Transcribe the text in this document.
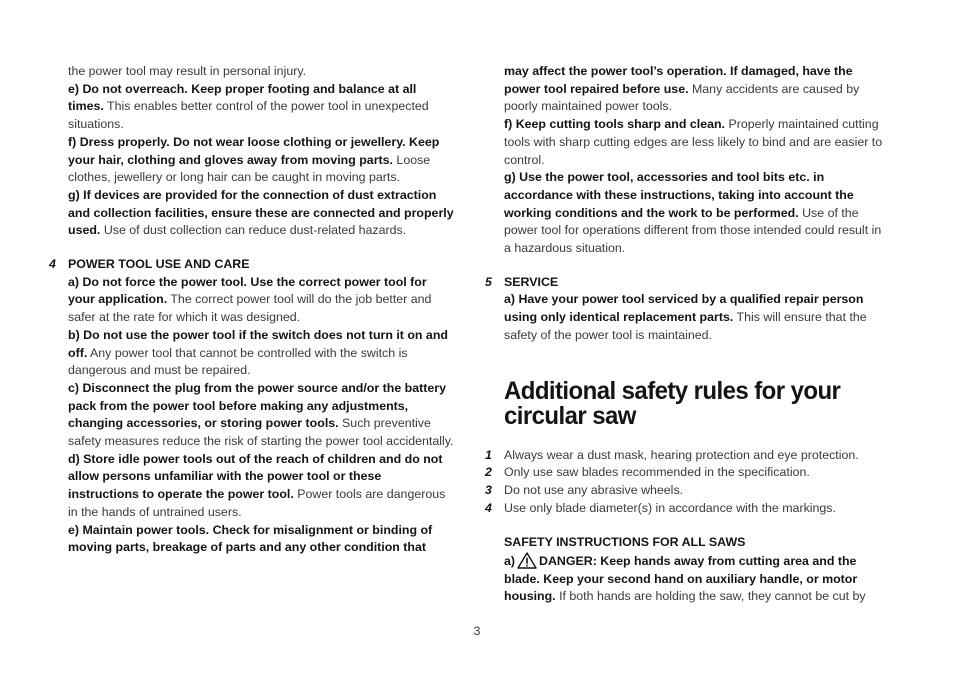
the power tool may result in personal injury.

e) Do not overreach. Keep proper footing and balance at all times. This enables better control of the power tool in unexpected situations.

f) Dress properly. Do not wear loose clothing or jewellery. Keep your hair, clothing and gloves away from moving parts. Loose clothes, jewellery or long hair can be caught in moving parts.

g) If devices are provided for the connection of dust extraction and collection facilities, ensure these are connected and properly used. Use of dust collection can reduce dust-related hazards.

4 POWER TOOL USE AND CARE

a) Do not force the power tool. Use the correct power tool for your application. The correct power tool will do the job better and safer at the rate for which it was designed.

b) Do not use the power tool if the switch does not turn it on and off. Any power tool that cannot be controlled with the switch is dangerous and must be repaired.

c) Disconnect the plug from the power source and/or the battery pack from the power tool before making any adjustments, changing accessories, or storing power tools. Such preventive safety measures reduce the risk of starting the power tool accidentally.

d) Store idle power tools out of the reach of children and do not allow persons unfamiliar with the power tool or these instructions to operate the power tool. Power tools are dangerous in the hands of untrained users.

e) Maintain power tools. Check for misalignment or binding of moving parts, breakage of parts and any other condition that

may affect the power tool’s operation. If damaged, have the power tool repaired before use. Many accidents are caused by poorly maintained power tools.

f) Keep cutting tools sharp and clean. Properly maintained cutting tools with sharp cutting edges are less likely to bind and are easier to control.

g) Use the power tool, accessories and tool bits etc. in accordance with these instructions, taking into account the working conditions and the work to be performed. Use of the power tool for operations different from those intended could result in a hazardous situation.

5 SERVICE

a) Have your power tool serviced by a qualified repair person using only identical replacement parts. This will ensure that the safety of the power tool is maintained.

Additional safety rules for your circular saw
1 Always wear a dust mask, hearing protection and eye protection.
2 Only use saw blades recommended in the specification.
3 Do not use any abrasive wheels.
4 Use only blade diameter(s) in accordance with the markings.
SAFETY INSTRUCTIONS FOR ALL SAWS

a) DANGER: Keep hands away from cutting area and the blade. Keep your second hand on auxiliary handle, or motor housing. If both hands are holding the saw, they cannot be cut by

3
